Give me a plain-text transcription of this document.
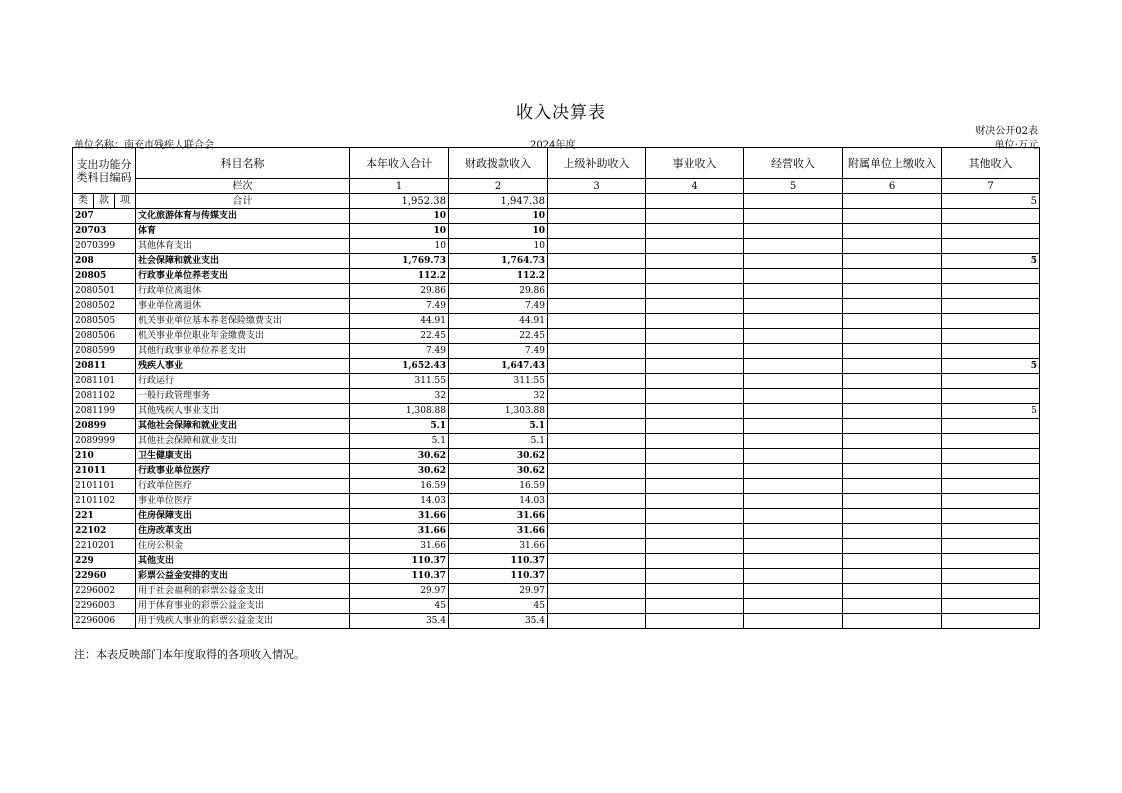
收入决算表
财决公开02表
单位名称：南充市残疾人联合会	2024年度	单位:万元
支出功能分类科目编码	科目名称	本年收入合计	财政拨款收入	上级补助收入	事业收入	经营收入	附属单位上缴收入	其他收入
	栏次	1	2	3	4	5	6	7

类 款 项	合计	1,952.38	1,947.38					5
207	文化旅游体育与传媒支出	10	10					
20703	体育	10	10					
2070399	其他体育支出	10	10					
208	社会保障和就业支出	1,769.73	1,764.73					5
20805	行政事业单位养老支出	112.2	112.2					
2080501	行政单位离退休	29.86	29.86					
2080502	事业单位离退休	7.49	7.49					
2080505	机关事业单位基本养老保险缴费支出	44.91	44.91					
2080506	机关事业单位职业年金缴费支出	22.45	22.45					
2080599	其他行政事业单位养老支出	7.49	7.49					
20811	残疾人事业	1,652.43	1,647.43					5
2081101	行政运行	311.55	311.55					
2081102	一般行政管理事务	32	32					
2081199	其他残疾人事业支出	1,308.88	1,303.88					5
20899	其他社会保障和就业支出	5.1	5.1					
2089999	其他社会保障和就业支出	5.1	5.1					
210	卫生健康支出	30.62	30.62					
21011	行政事业单位医疗	30.62	30.62					
2101101	行政单位医疗	16.59	16.59					
2101102	事业单位医疗	14.03	14.03					
221	住房保障支出	31.66	31.66					
22102	住房改革支出	31.66	31.66					
2210201	住房公积金	31.66	31.66					
229	其他支出	110.37	110.37					
22960	彩票公益金安排的支出	110.37	110.37					
2296002	用于社会福利的彩票公益金支出	29.97	29.97					
2296003	用于体育事业的彩票公益金支出	45	45					
2296006	用于残疾人事业的彩票公益金支出	35.4	35.4					
注：本表反映部门本年度取得的各项收入情况。
